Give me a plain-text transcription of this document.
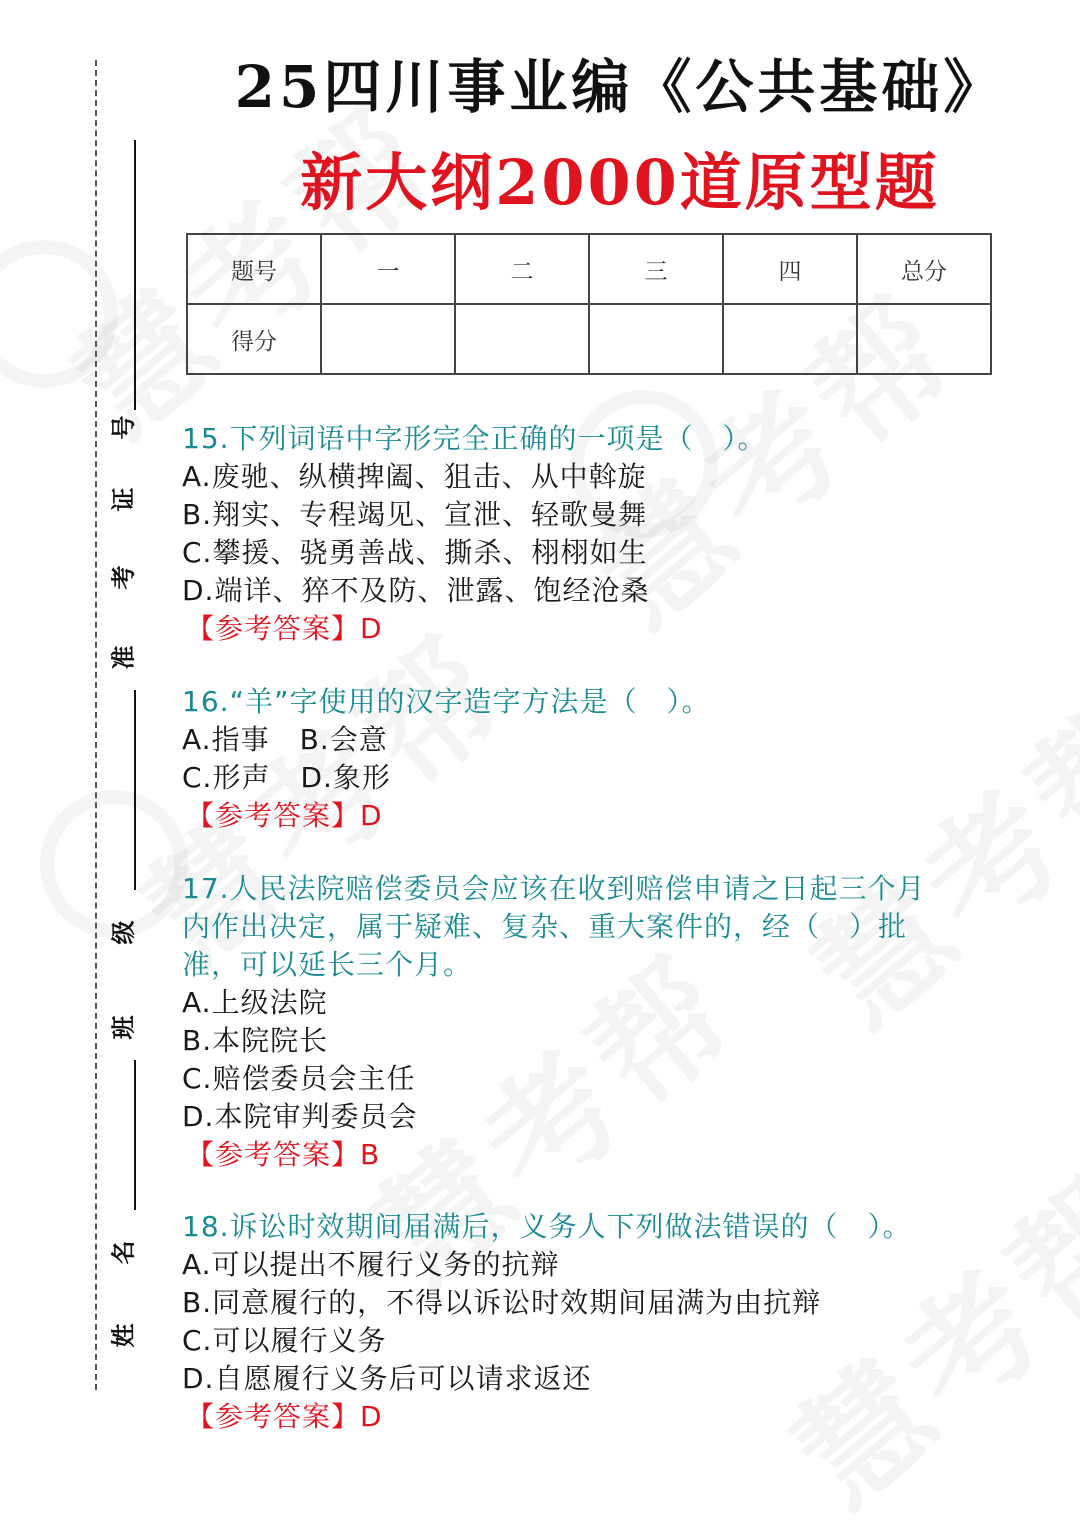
准
考
证
号
班
级
姓
名
25四川事业编《公共基础》
新大纲2000道原型题
题号	一	二	三	四	总分
得分					
15.下列词语中字形完全正确的一项是（　）。
A.废驰、纵横捭阖、狙击、从中斡旋
B.翔实、专程竭见、宣泄、轻歌曼舞
C.攀援、骁勇善战、撕杀、栩栩如生
D.端详、猝不及防、泄露、饱经沧桑
【参考答案】D
16.“羊”字使用的汉字造字方法是（　）。
A.指事 B.会意
C.形声 D.象形
【参考答案】D
17.人民法院赔偿委员会应该在收到赔偿申请之日起三个月
内作出决定，属于疑难、复杂、重大案件的，经（　）批
准，可以延长三个月。
A.上级法院
B.本院院长
C.赔偿委员会主任
D.本院审判委员会
【参考答案】B
18.诉讼时效期间届满后，义务人下列做法错误的（　）。
A.可以提出不履行义务的抗辩
B.同意履行的，不得以诉讼时效期间届满为由抗辩
C.可以履行义务
D.自愿履行义务后可以请求返还
【参考答案】D
